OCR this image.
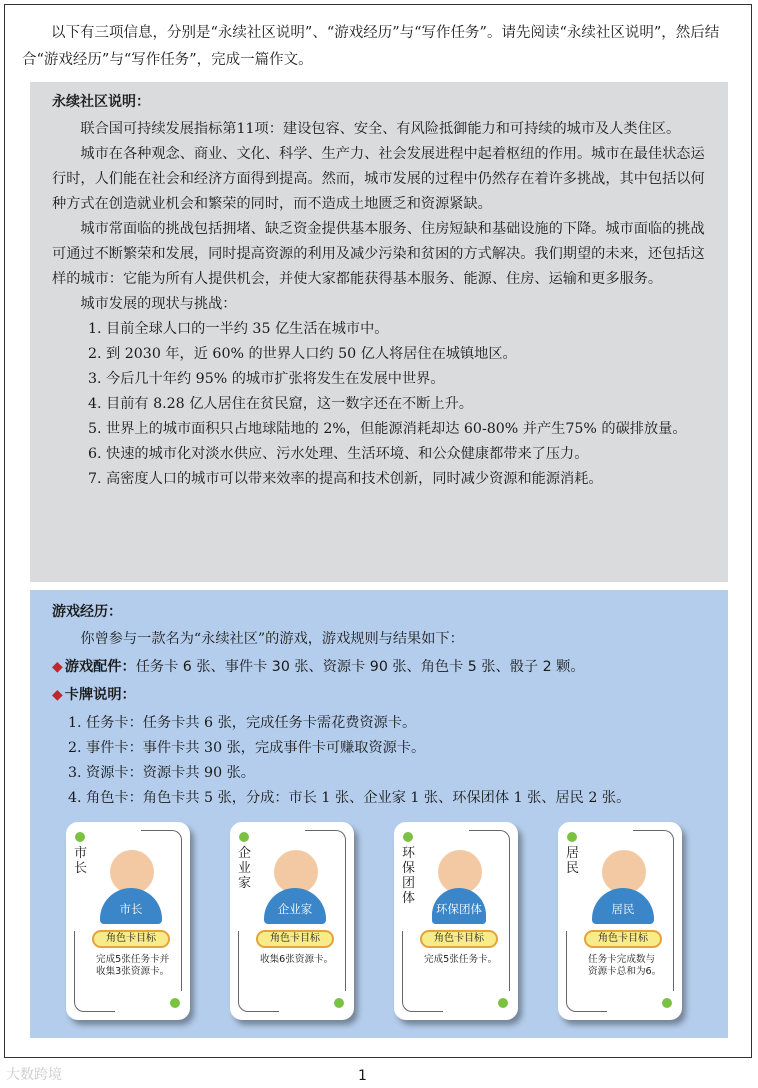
以下有三项信息，分别是“永续社区说明”、“游戏经历”与“写作任务”。请先阅读“永续社区说明”，然后结合“游戏经历”与“写作任务”，完成一篇作文。

永续社区说明：

联合国可持续发展指标第11项：建设包容、安全、有风险抵御能力和可持续的城市及人类住区。

城市在各种观念、商业、文化、科学、生产力、社会发展进程中起着枢纽的作用。城市在最佳状态运行时，人们能在社会和经济方面得到提高。然而，城市发展的过程中仍然存在着许多挑战，其中包括以何种方式在创造就业机会和繁荣的同时，而不造成土地匮乏和资源紧缺。

城市常面临的挑战包括拥堵、缺乏资金提供基本服务、住房短缺和基础设施的下降。城市面临的挑战可通过不断繁荣和发展，同时提高资源的利用及减少污染和贫困的方式解决。我们期望的未来，还包括这样的城市：它能为所有人提供机会，并使大家都能获得基本服务、能源、住房、运输和更多服务。

城市发展的现状与挑战：

1. 目前全球人口的一半约 35 亿生活在城市中。
2. 到 2030 年，近 60% 的世界人口约 50 亿人将居住在城镇地区。
3. 今后几十年约 95% 的城市扩张将发生在发展中世界。
4. 目前有 8.28 亿人居住在贫民窟，这一数字还在不断上升。
5. 世界上的城市面积只占地球陆地的 2%，但能源消耗却达 60-80% 并产生75% 的碳排放量。
6. 快速的城市化对淡水供应、污水处理、生活环境、和公众健康都带来了压力。
7. 高密度人口的城市可以带来效率的提高和技术创新，同时减少资源和能源消耗。
游戏经历：

你曾参与一款名为“永续社区”的游戏，游戏规则与结果如下：

◆ 游戏配件：任务卡 6 张、事件卡 30 张、资源卡 90 张、角色卡 5 张、骰子 2 颗。
◆ 卡牌说明：
1. 任务卡：任务卡共 6 张，完成任务卡需花费资源卡。
2. 事件卡：事件卡共 30 张，完成事件卡可赚取资源卡。
3. 资源卡：资源卡共 90 张。
4. 角色卡：角色卡共 5 张，分成：市长 1 张、企业家 1 张、环保团体 1 张、居民 2 张。
市长
市长
角色卡目标
完成5张任务卡并收集3张资源卡。
企业家
企业家
角色卡目标
收集6张资源卡。
环保团体
环保团体
角色卡目标
完成5张任务卡。
居民
居民
角色卡目标
任务卡完成数与资源卡总和为6。
大数跨境	1
